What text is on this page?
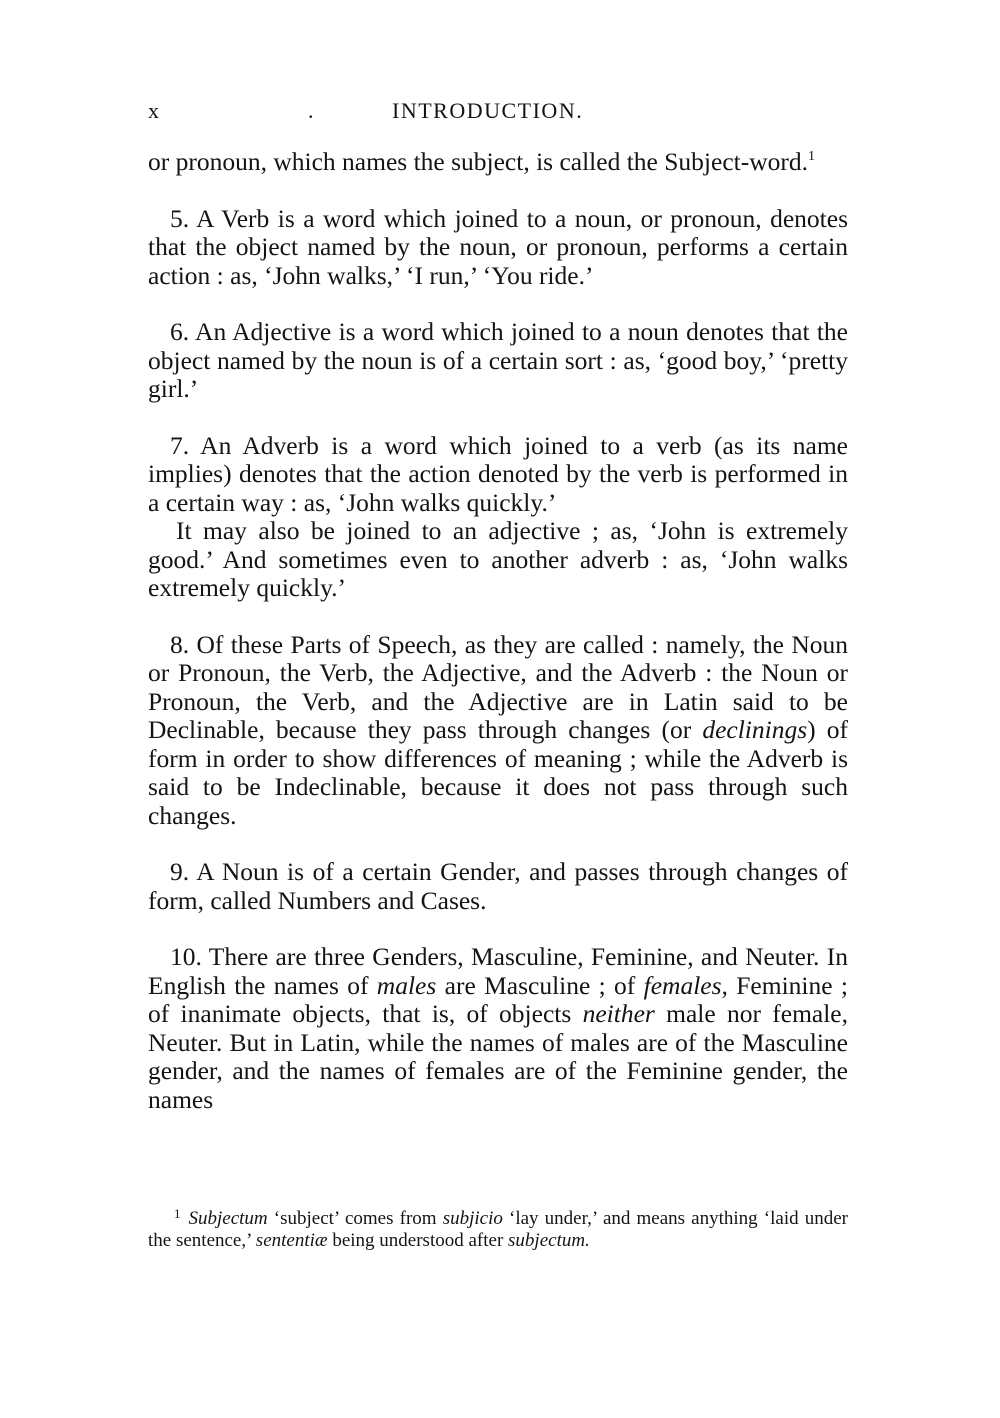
x	.	INTRODUCTION.

or pronoun, which names the subject, is called the Subject-word.$^1$

5. A Verb is a word which joined to a noun, or pronoun, denotes that the object named by the noun, or pronoun, performs a certain action : as, ‘John walks,’ ‘I run,’ ‘You ride.’

6. An Adjective is a word which joined to a noun denotes that the object named by the noun is of a certain sort : as, ‘good boy,’ ‘pretty girl.’

7. An Adverb is a word which joined to a verb (as its name implies) denotes that the action denoted by the verb is performed in a certain way : as, ‘John walks quickly.’

It may also be joined to an adjective ; as, ‘John is extremely good.’ And sometimes even to another adverb : as, ‘John walks extremely quickly.’

8. Of these Parts of Speech, as they are called : namely, the Noun or Pronoun, the Verb, the Adjective, and the Adverb : the Noun or Pronoun, the Verb, and the Adjective are in Latin said to be Declinable, because they pass through changes (or declinings) of form in order to show differences of meaning ; while the Adverb is said to be Indeclinable, because it does not pass through such changes.

9. A Noun is of a certain Gender, and passes through changes of form, called Numbers and Cases.

10. There are three Genders, Masculine, Feminine, and Neuter. In English the names of males are Masculine ; of females, Feminine ; of inanimate objects, that is, of objects neither male nor female, Neuter. But in Latin, while the names of males are of the Masculine gender, and the names of females are of the Feminine gender, the names

$^1$ Subjectum ‘subject’ comes from subjicio ‘lay under,’ and means anything ‘laid under the sentence,’ sententiæ being understood after subjectum.
